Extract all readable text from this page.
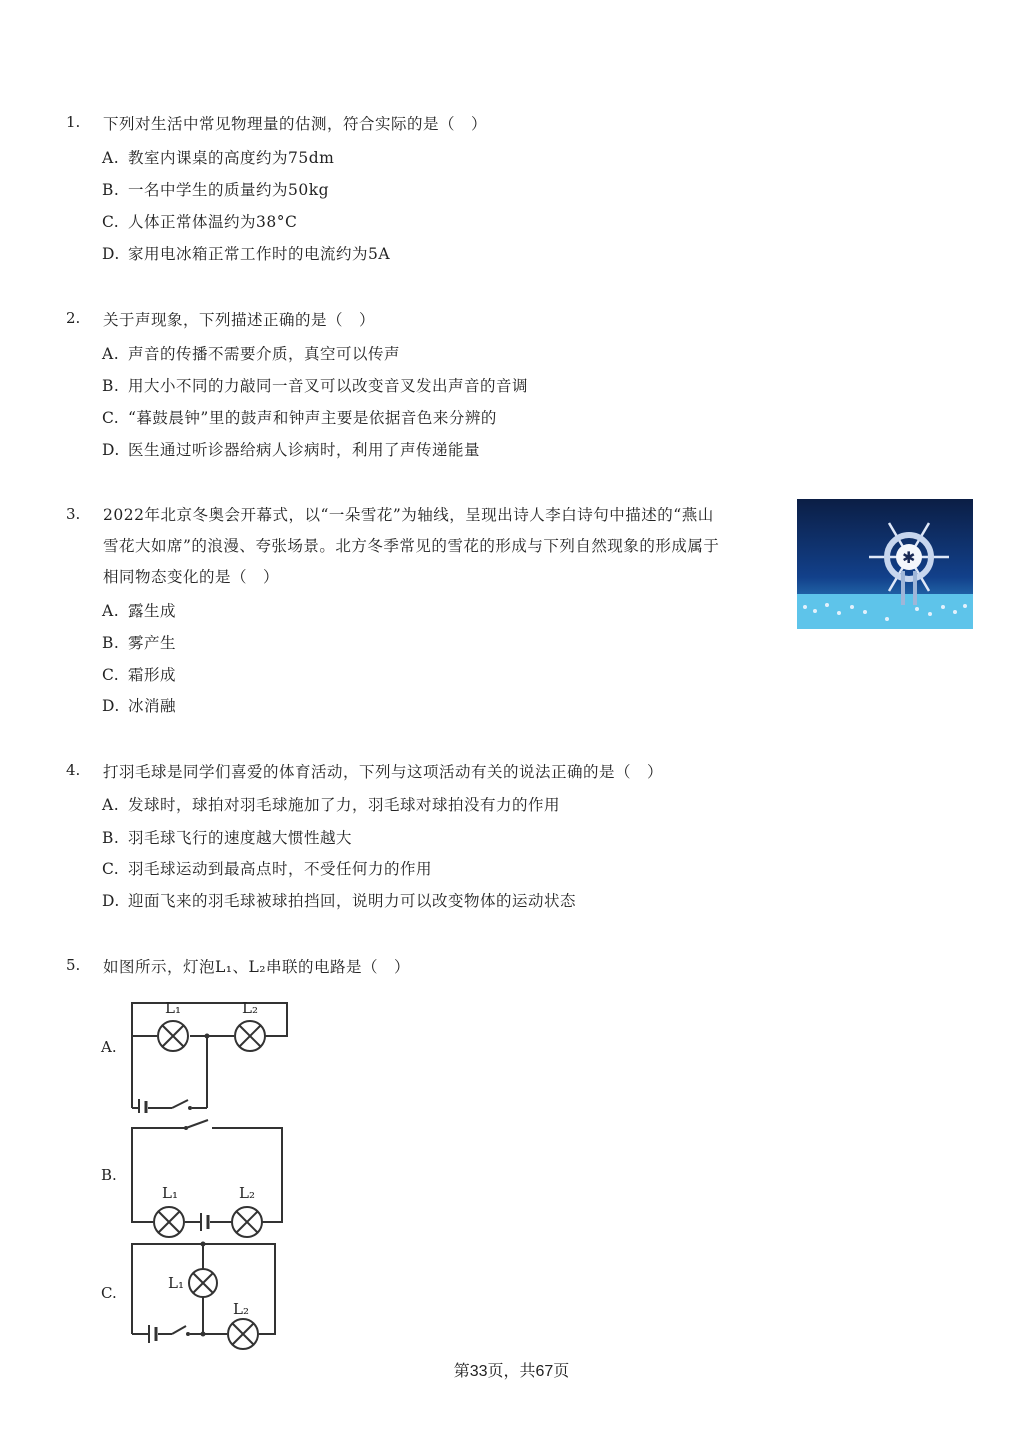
1. 下列对生活中常见物理量的估测，符合实际的是（　）
A. 教室内课桌的高度约为75dm
B. 一名中学生的质量约为50kg
C. 人体正常体温约为38°C
D. 家用电冰箱正常工作时的电流约为5A
2. 关于声现象，下列描述正确的是（　）
A. 声音的传播不需要介质，真空可以传声
B. 用大小不同的力敲同一音叉可以改变音叉发出声音的音调
C. “暮鼓晨钟”里的鼓声和钟声主要是依据音色来分辨的
D. 医生通过听诊器给病人诊病时，利用了声传递能量
3. 2022年北京冬奥会开幕式，以“一朵雪花”为轴线，呈现出诗人李白诗句中描述的“燕山
雪花大如席”的浪漫、夸张场景。北方冬季常见的雪花的形成与下列自然现象的形成属于
相同物态变化的是（　）
A. 露生成
B. 雾产生
C. 霜形成
D. 冰消融
✱
4. 打羽毛球是同学们喜爱的体育活动，下列与这项活动有关的说法正确的是（　）
A. 发球时，球拍对羽毛球施加了力，羽毛球对球拍没有力的作用
B. 羽毛球飞行的速度越大惯性越大
C. 羽毛球运动到最高点时，不受任何力的作用
D. 迎面飞来的羽毛球被球拍挡回，说明力可以改变物体的运动状态
5. 如图所示，灯泡L₁、L₂串联的电路是（　）
A.
L₁	L₂
B.
L₁	L₂
C.
L₁
L₂
第33页，共67页
